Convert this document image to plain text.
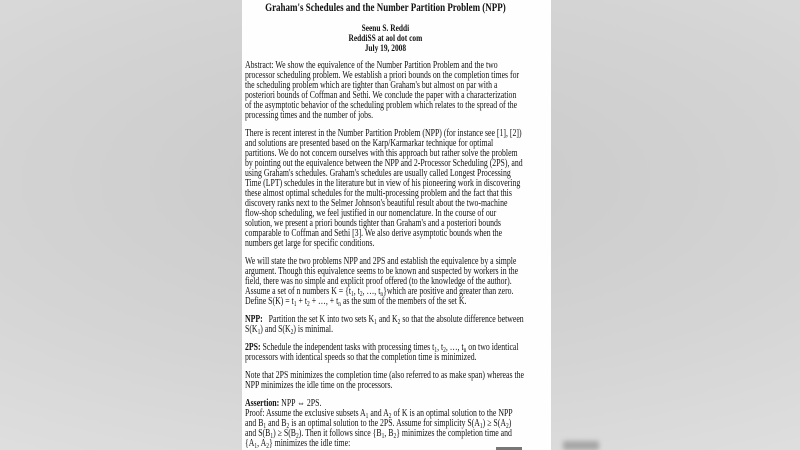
Graham's Schedules and the Number Partition Problem (NPP)
Seenu S. Reddi
ReddiSS at aol dot com
July 19, 2008
Abstract: We show the equivalence of the Number Partition Problem and the two
processor scheduling problem. We establish a priori bounds on the completion times for
the scheduling problem which are tighter than Graham's but almost on par with a
posteriori bounds of Coffman and Sethi. We conclude the paper with a characterization
of the asymptotic behavior of the scheduling problem which relates to the spread of the
processing times and the number of jobs.
There is recent interest in the Number Partition Problem (NPP) (for instance see [1], [2])
and solutions are presented based on the Karp/Karmarkar technique for optimal
partitions. We do not concern ourselves with this approach but rather solve the problem
by pointing out the equivalence between the NPP and 2-Processor Scheduling (2PS), and
using Graham's schedules. Graham's schedules are usually called Longest Processing
Time (LPT) schedules in the literature but in view of his pioneering work in discovering
these almost optimal schedules for the multi-processing problem and the fact that this
discovery ranks next to the Selmer Johnson's beautiful result about the two-machine
flow-shop scheduling, we feel justified in our nomenclature. In the course of our
solution, we present a priori bounds tighter than Graham's and a posteriori bounds
comparable to Coffman and Sethi [3]. We also derive asymptotic bounds when the
numbers get large for specific conditions.
We will state the two problems NPP and 2PS and establish the equivalence by a simple
argument. Though this equivalence seems to be known and suspected by workers in the
field, there was no simple and explicit proof offered (to the knowledge of the author).
Assume a set of n numbers $K = \{t_1$, $t_2$, …, $t_n\}which$ are positive and greater than zero.
Define $S(K) = t_1 + t_2$ + …, + $t_n$ as the sum of the members of the set K.
NPP:   Partition the set K into two sets $K_1$ and $K_2$ so that the absolute difference between
$S(K_1)$ and $S(K_2)$ is minimal.
2PS: Schedule the independent tasks with processing times $t_1$, $t_2$, …, $t_n$ on two identical
processors with identical speeds so that the completion time is minimized.
Note that 2PS minimizes the completion time (also referred to as make span) whereas the
NPP minimizes the idle time on the processors.
Assertion: NPP ⇔ 2PS.
Proof: Assume the exclusive subsets $A_1$ and $A_2$ of K is an optimal solution to the NPP
and $B_1$ and $B_2$ is an optimal solution to the 2PS. Assume for simplicity $S(A_1) \ge S(A_2)$
and $S(B_1) \ge S(B_2)$. Then it follows since {$B_1$, $B_2$} minimizes the completion time and
{$A_1$, $A_2$} minimizes the idle time:
